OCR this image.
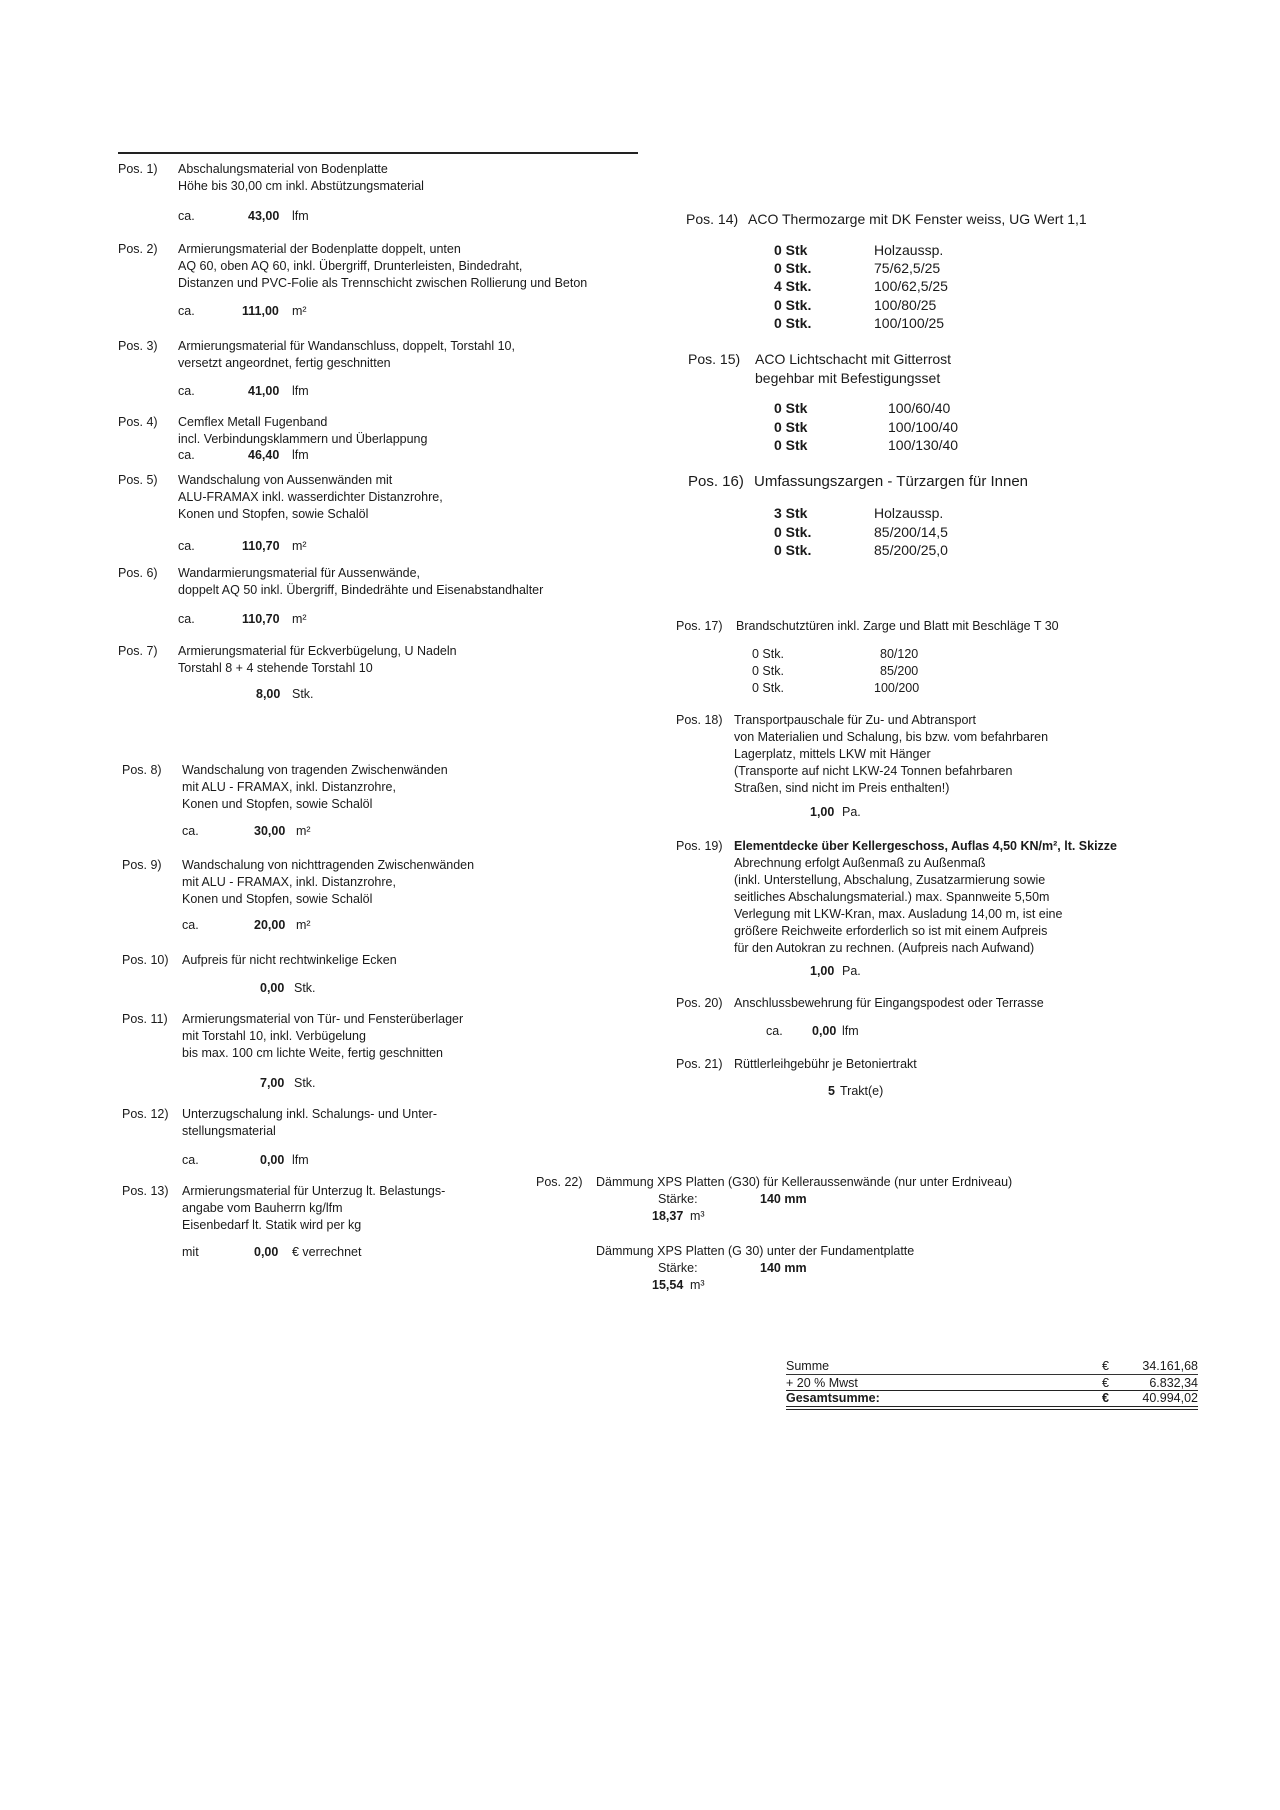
Pos. 1) Abschalungsmaterial von Bodenplatte
Höhe bis 30,00 cm inkl. Abstützungsmaterial
ca.	43,00 lfm
Pos. 2) Armierungsmaterial der Bodenplatte doppelt, unten
AQ 60, oben AQ 60, inkl. Übergriff, Drunterleisten, Bindedraht,
Distanzen und PVC-Folie als Trennschicht zwischen Rollierung und Beton
ca.	111,00 m²
Pos. 3) Armierungsmaterial für Wandanschluss, doppelt, Torstahl 10,
versetzt angeordnet, fertig geschnitten
ca.	41,00 lfm
Pos. 4) Cemflex Metall Fugenband
incl. Verbindungsklammern und Überlappung
ca.	46,40 lfm
Pos. 5) Wandschalung von Aussenwänden mit
ALU-FRAMAX inkl. wasserdichter Distanzrohre,
Konen und Stopfen, sowie Schalöl
ca.	110,70 m²
Pos. 6) Wandarmierungsmaterial für Aussenwände,
doppelt AQ 50 inkl. Übergriff, Bindedrähte und Eisenabstandhalter
ca.	110,70 m²
Pos. 7) Armierungsmaterial für Eckverbügelung, U Nadeln
Torstahl 8 + 4 stehende Torstahl 10
8,00 Stk.
Pos. 8) Wandschalung von tragenden Zwischenwänden
mit ALU - FRAMAX, inkl. Distanzrohre,
Konen und Stopfen, sowie Schalöl
ca.	30,00 m²
Pos. 9) Wandschalung von nichttragenden Zwischenwänden
mit ALU - FRAMAX, inkl. Distanzrohre,
Konen und Stopfen, sowie Schalöl
ca.	20,00 m²
Pos. 10) Aufpreis für nicht rechtwinkelige Ecken
0,00 Stk.
Pos. 11) Armierungsmaterial von Tür- und Fensterüberlager
mit Torstahl 10, inkl. Verbügelung
bis max. 100 cm lichte Weite, fertig geschnitten
7,00 Stk.
Pos. 12) Unterzugschalung inkl. Schalungs- und Unter-
stellungsmaterial
ca.	0,00 lfm
Pos. 13) Armierungsmaterial für Unterzug lt. Belastungs-
angabe vom Bauherrn kg/lfm
Eisenbedarf lt. Statik wird per kg
mit	0,00 € verrechnet
Pos. 14) ACO Thermozarge mit DK Fenster weiss, UG Wert 1,1
0 Stk	Holzaussp.
0 Stk.	75/62,5/25
4 Stk.	100/62,5/25
0 Stk.	100/80/25
0 Stk.	100/100/25
Pos. 15) ACO Lichtschacht mit Gitterrost
begehbar mit Befestigungsset
0 Stk	100/60/40
0 Stk	100/100/40
0 Stk	100/130/40
Pos. 16) Umfassungszargen - Türzargen für Innen
3 Stk	Holzaussp.
0 Stk.	85/200/14,5
0 Stk.	85/200/25,0
Pos. 17) Brandschutztüren inkl. Zarge und Blatt mit Beschläge T 30
0 Stk.	80/120
0 Stk.	85/200
0 Stk.	100/200
Pos. 18) Transportpauschale für Zu- und Abtransport
von Materialien und Schalung, bis bzw. vom befahrbaren
Lagerplatz, mittels LKW mit Hänger
(Transporte auf nicht LKW-24 Tonnen befahrbaren
Straßen, sind nicht im Preis enthalten!)
1,00 Pa.
Pos. 19) Elementdecke über Kellergeschoss, Auflas 4,50 KN/m², lt. Skizze
Abrechnung erfolgt Außenmaß zu Außenmaß
(inkl. Unterstellung, Abschalung, Zusatzarmierung sowie
seitliches Abschalungsmaterial.) max. Spannweite 5,50m
Verlegung mit LKW-Kran, max. Ausladung 14,00 m, ist eine
größere Reichweite erforderlich so ist mit einem Aufpreis
für den Autokran zu rechnen. (Aufpreis nach Aufwand)
1,00 Pa.
Pos. 20) Anschlussbewehrung für Eingangspodest oder Terrasse
ca. 0,00 lfm
Pos. 21) Rüttlerleihgebühr je Betoniertrakt
5 Trakt(e)
Pos. 22) Dämmung XPS Platten (G30) für Kelleraussenwände (nur unter Erdniveau)
Stärke:	140 mm
18,37 m³
Dämmung XPS Platten (G 30) unter der Fundamentplatte
Stärke:	140 mm
15,54 m³
Summe	€	34.161,68
+ 20 % Mwst	€	6.832,34
Gesamtsumme:	€	40.994,02
